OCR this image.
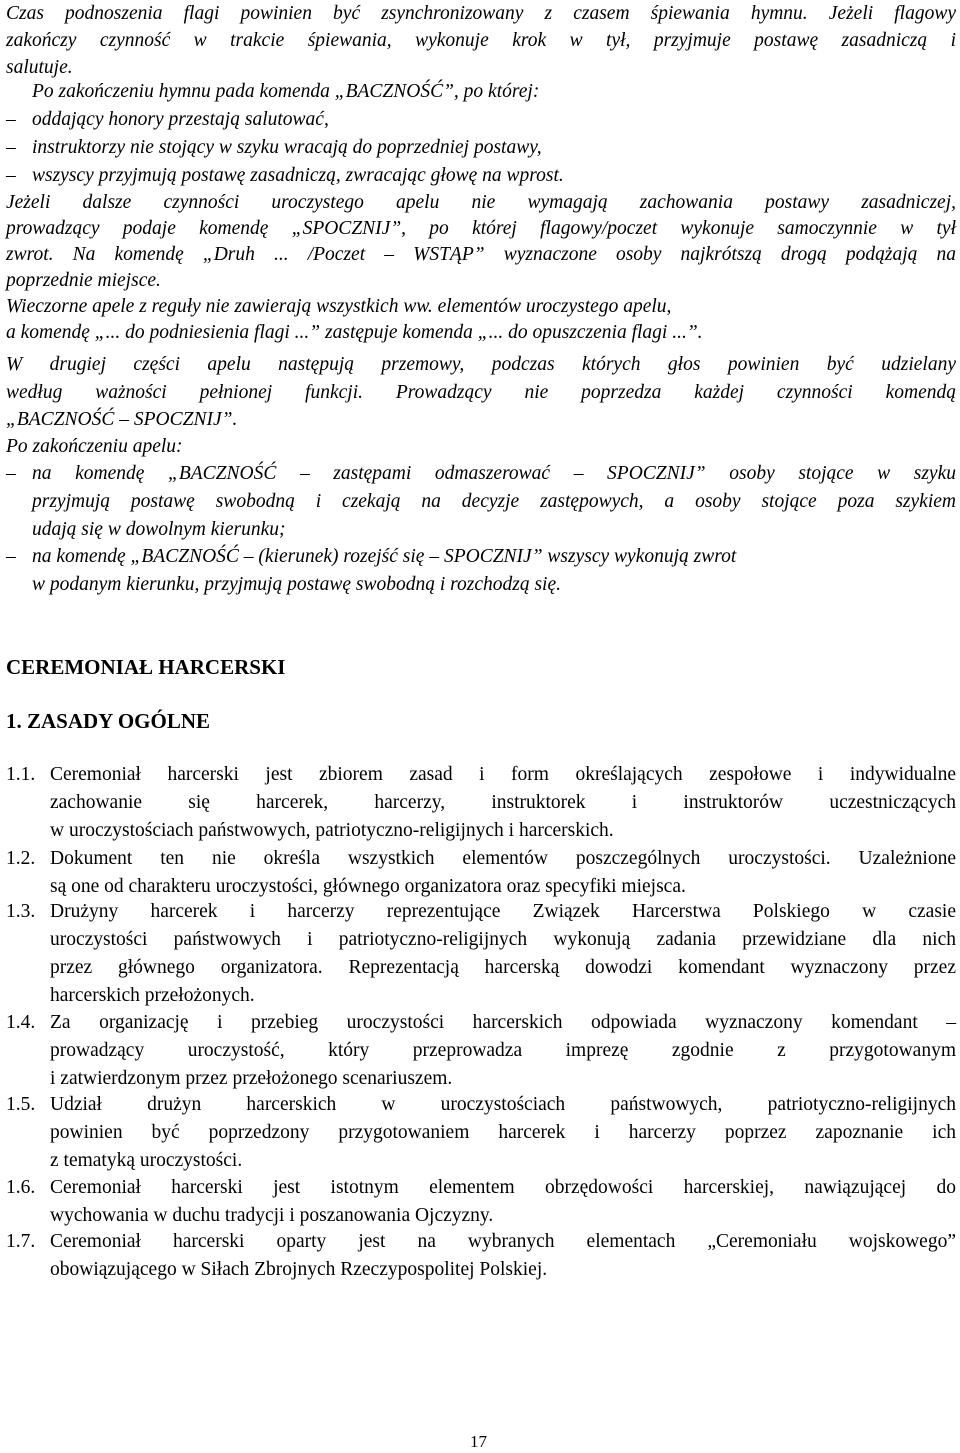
Czas podnoszenia flagi powinien być zsynchronizowany z czasem śpiewania hymnu. Jeżeli flagowy
zakończy czynność w trakcie śpiewania, wykonuje krok w tył, przyjmuje postawę zasadniczą i
salutuje.
Po zakończeniu hymnu pada komenda „BACZNOŚĆ”, po której:
– oddający honory przestają salutować,
– instruktorzy nie stojący w szyku wracają do poprzedniej postawy,
– wszyscy przyjmują postawę zasadniczą, zwracając głowę na wprost.
Jeżeli dalsze czynności uroczystego apelu nie wymagają zachowania postawy zasadniczej,
prowadzący podaje komendę „SPOCZNIJ”, po której flagowy/poczet wykonuje samoczynnie w tył
zwrot. Na komendę „Druh ... /Poczet – WSTĄP” wyznaczone osoby najkrótszą drogą podążają na
poprzednie miejsce.
Wieczorne apele z reguły nie zawierają wszystkich ww. elementów uroczystego apelu,
a komendę „... do podniesienia flagi ...” zastępuje komenda „... do opuszczenia flagi ...”.
W drugiej części apelu następują przemowy, podczas których głos powinien być udzielany
według ważności pełnionej funkcji. Prowadzący nie poprzedza każdej czynności komendą
„BACZNOŚĆ – SPOCZNIJ”.
Po zakończeniu apelu:
– na komendę „BACZNOŚĆ – zastępami odmaszerować – SPOCZNIJ” osoby stojące w szyku
przyjmują postawę swobodną i czekają na decyzje zastępowych, a osoby stojące poza szykiem
udają się w dowolnym kierunku;
– na komendę „BACZNOŚĆ – (kierunek) rozejść się – SPOCZNIJ” wszyscy wykonują zwrot
w podanym kierunku, przyjmują postawę swobodną i rozchodzą się.
CEREMONIAŁ HARCERSKI
1. ZASADY OGÓLNE
1.1. Ceremoniał harcerski jest zbiorem zasad i form określających zespołowe i indywidualne
zachowanie się harcerek, harcerzy, instruktorek i instruktorów uczestniczących
w uroczystościach państwowych, patriotyczno-religijnych i harcerskich.
1.2. Dokument ten nie określa wszystkich elementów poszczególnych uroczystości. Uzależnione
są one od charakteru uroczystości, głównego organizatora oraz specyfiki miejsca.
1.3. Drużyny harcerek i harcerzy reprezentujące Związek Harcerstwa Polskiego w czasie
uroczystości państwowych i patriotyczno-religijnych wykonują zadania przewidziane dla nich
przez głównego organizatora. Reprezentacją harcerską dowodzi komendant wyznaczony przez
harcerskich przełożonych.
1.4. Za organizację i przebieg uroczystości harcerskich odpowiada wyznaczony komendant –
prowadzący uroczystość, który przeprowadza imprezę zgodnie z przygotowanym
i zatwierdzonym przez przełożonego scenariuszem.
1.5. Udział drużyn harcerskich w uroczystościach państwowych, patriotyczno-religijnych
powinien być poprzedzony przygotowaniem harcerek i harcerzy poprzez zapoznanie ich
z tematyką uroczystości.
1.6. Ceremoniał harcerski jest istotnym elementem obrzędowości harcerskiej, nawiązującej do
wychowania w duchu tradycji i poszanowania Ojczyzny.
1.7. Ceremoniał harcerski oparty jest na wybranych elementach „Ceremoniału wojskowego”
obowiązującego w Siłach Zbrojnych Rzeczypospolitej Polskiej.
17
